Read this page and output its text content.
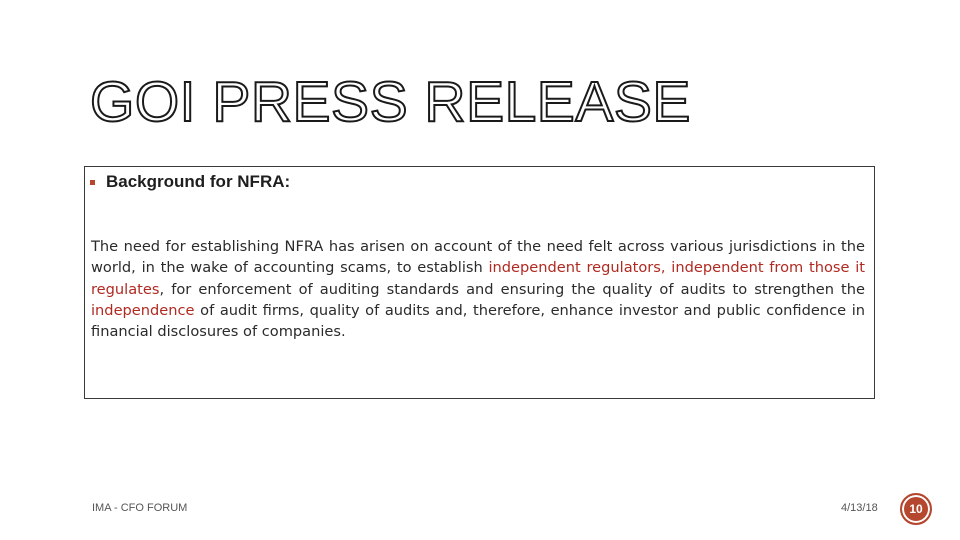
GOI PRESS RELEASE
Background for NFRA:

The need for establishing NFRA has arisen on account of the need felt across various jurisdictions in the world, in the wake of accounting scams, to establish independent regulators, independent from those it regulates, for enforcement of auditing standards and ensuring the quality of audits to strengthen the independence of audit firms, quality of audits and, therefore, enhance investor and public confidence in financial disclosures of companies.

IMA - CFO FORUM	4/13/18	10
